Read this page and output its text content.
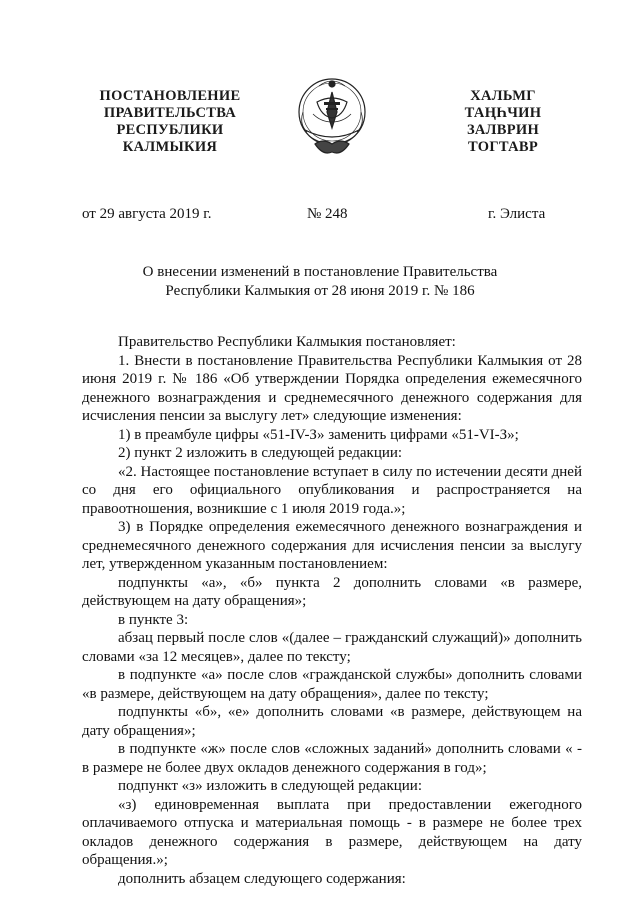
ПОСТАНОВЛЕНИЕ
ПРАВИТЕЛЬСТВА
РЕСПУБЛИКИ
КАЛМЫКИЯ
ХАЛЬМГ
ТАҢҺЧИН
ЗАЛВРИН
ТОГТАВР
от 29 августа 2019 г.	№ 248	г. Элиста
О внесении изменений в постановление Правительства
Республики Калмыкия от 28 июня 2019 г. № 186

Правительство Республики Калмыкия постановляет:

1. Внести в постановление Правительства Республики Калмыкия от 28 июня 2019 г. № 186 «Об утверждении Порядка определения ежемесячного денежного вознаграждения и среднемесячного денежного содержания для исчисления пенсии за выслугу лет» следующие изменения:

1) в преамбуле цифры «51-IV-З» заменить цифрами «51-VI-З»;

2) пункт 2 изложить в следующей редакции:

«2. Настоящее постановление вступает в силу по истечении десяти дней со дня его официального опубликования и распространяется на правоотношения, возникшие с 1 июля 2019 года.»;

3) в Порядке определения ежемесячного денежного вознаграждения и среднемесячного денежного содержания для исчисления пенсии за выслугу лет, утвержденном указанным постановлением:

подпункты «а», «б» пункта 2 дополнить словами «в размере, действующем на дату обращения»;

в пункте 3:

абзац первый после слов «(далее – гражданский служащий)» дополнить словами «за 12 месяцев», далее по тексту;

в подпункте «а» после слов «гражданской службы» дополнить словами «в размере, действующем на дату обращения», далее по тексту;

подпункты «б», «е» дополнить словами «в размере, действующем на дату обращения»;

в подпункте «ж» после слов «сложных заданий» дополнить словами « - в размере не более двух окладов денежного содержания в год»;

подпункт «з» изложить в следующей редакции:

«з) единовременная выплата при предоставлении ежегодного оплачиваемого отпуска и материальная помощь - в размере не более трех окладов денежного содержания в размере, действующем на дату обращения.»;

дополнить абзацем следующего содержания:
